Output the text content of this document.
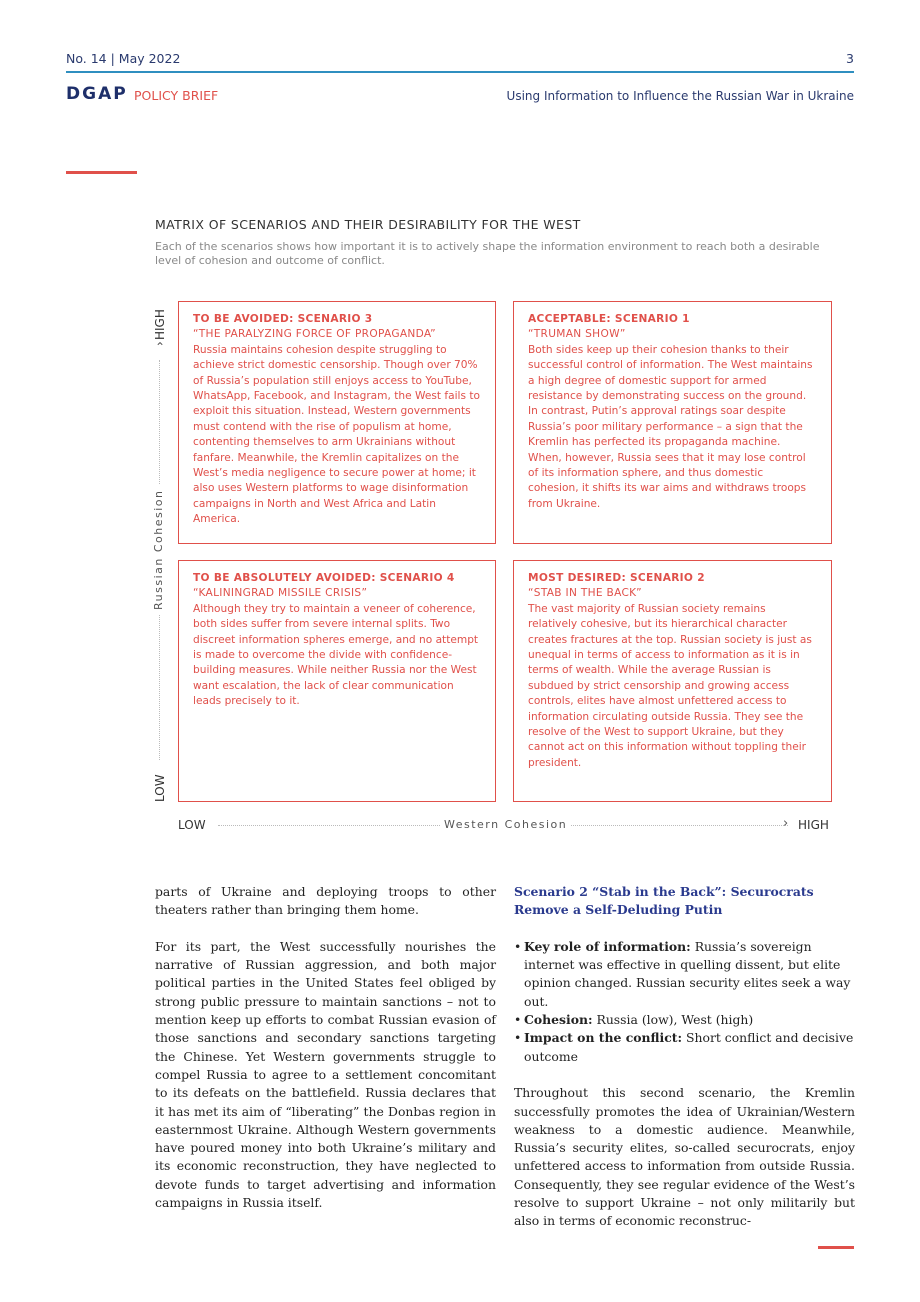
No. 14 | May 2022	3
DGAP POLICY BRIEF	Using Information to Influence the Russian War in Ukraine
MATRIX OF SCENARIOS AND THEIR DESIRABILITY FOR THE WEST
Each of the scenarios shows how important it is to actively shape the information environment to reach both a desirable level of cohesion and outcome of conflict.
HIGH
⌃
LOW
Russian Cohesion
TO BE AVOIDED: SCENARIO 3
“THE PARALYZING FORCE OF PROPAGANDA”
Russia maintains cohesion despite struggling to achieve strict domestic censorship. Though over 70% of Russia’s population still enjoys access to YouTube, WhatsApp, Facebook, and Instagram, the West fails to exploit this situation. Instead, Western governments must contend with the rise of populism at home, contenting themselves to arm Ukrainians without fanfare. Meanwhile, the Kremlin capitalizes on the West’s media negligence to secure power at home; it also uses Western platforms to wage disinformation campaigns in North and West Africa and Latin America.
ACCEPTABLE: SCENARIO 1
“TRUMAN SHOW”
Both sides keep up their cohesion thanks to their successful control of information. The West maintains a high degree of domestic support for armed resistance by demonstrating success on the ground. In contrast, Putin’s approval ratings soar despite Russia’s poor military performance – a sign that the Kremlin has perfected its propaganda machine. When, however, Russia sees that it may lose control of its information sphere, and thus domestic cohesion, it shifts its war aims and withdraws troops from Ukraine.
TO BE ABSOLUTELY AVOIDED: SCENARIO 4
“KALININGRAD MISSILE CRISIS”
Although they try to maintain a veneer of coherence, both sides suffer from severe internal splits. Two discreet information spheres emerge, and no attempt is made to overcome the divide with confidence-building measures. While neither Russia nor the West want escalation, the lack of clear communication leads precisely to it.
MOST DESIRED: SCENARIO 2
“STAB IN THE BACK”
The vast majority of Russian society remains relatively cohesive, but its hierarchical character creates fractures at the top. Russian society is just as unequal in terms of access to information as it is in terms of wealth. While the average Russian is subdued by strict censorship and growing access controls, elites have almost unfettered access to information circulating outside Russia. They see the resolve of the West to support Ukraine, but they cannot act on this information without toppling their president.
LOW	Western Cohesion	› HIGH

parts of Ukraine and deploying troops to other theaters rather than bringing them home.

For its part, the West successfully nourishes the narrative of Russian aggression, and both major political parties in the United States feel obliged by strong public pressure to maintain sanctions – not to mention keep up efforts to combat Russian evasion of those sanctions and secondary sanctions targeting the Chinese. Yet Western governments struggle to compel Russia to agree to a settlement concomitant to its defeats on the battlefield. Russia declares that it has met its aim of “liberating” the Donbas region in easternmost Ukraine. Although Western governments have poured money into both Ukraine’s military and its economic reconstruction, they have neglected to devote funds to target advertising and information campaigns in Russia itself.

Scenario 2 “Stab in the Back”: Securocrats Remove a Self-Deluding Putin
• Key role of information: Russia’s sovereign internet was effective in quelling dissent, but elite opinion changed. Russian security elites seek a way out.
• Cohesion: Russia (low), West (high)
• Impact on the conflict: Short conflict and decisive outcome

Throughout this second scenario, the Kremlin successfully promotes the idea of Ukrainian/Western weakness to a domestic audience. Meanwhile, Russia’s security elites, so-called securocrats, enjoy unfettered access to information from outside Russia. Consequently, they see regular evidence of the West’s resolve to support Ukraine – not only militarily but also in terms of economic reconstruc-
